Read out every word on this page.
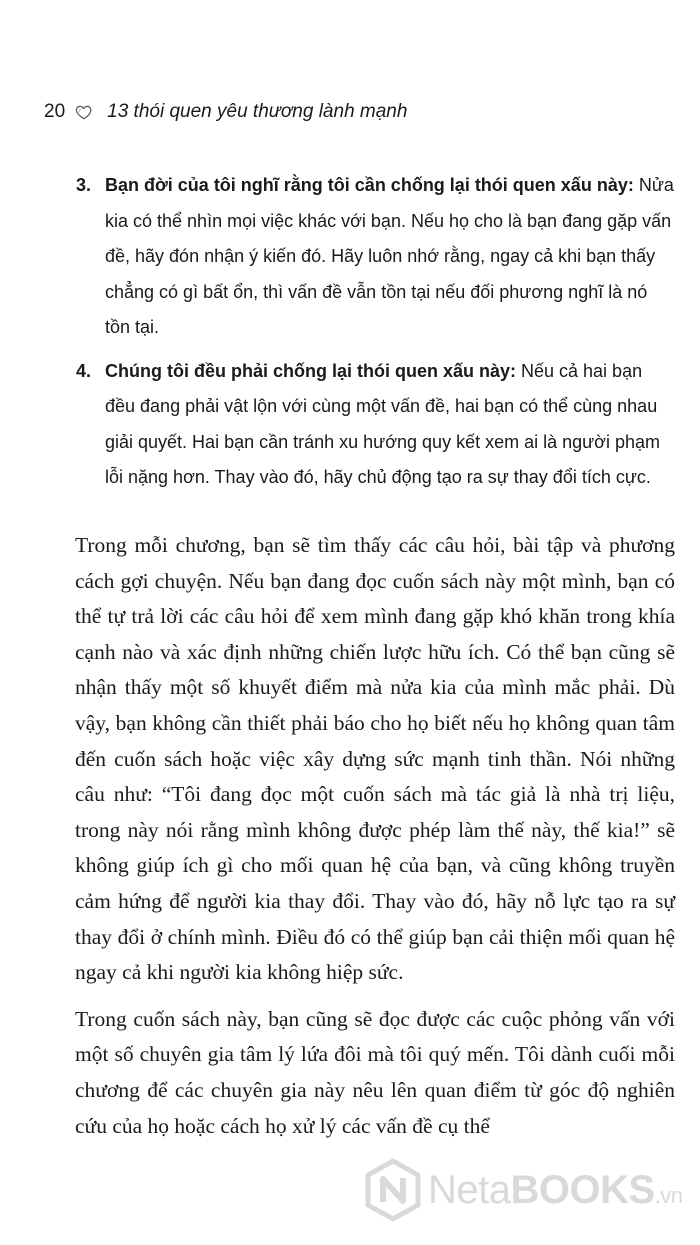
20 13 thói quen yêu thương lành mạnh
3. Bạn đời của tôi nghĩ rằng tôi cần chống lại thói quen xấu này: Nửa kia có thể nhìn mọi việc khác với bạn. Nếu họ cho là bạn đang gặp vấn đề, hãy đón nhận ý kiến đó. Hãy luôn nhớ rằng, ngay cả khi bạn thấy chẳng có gì bất ổn, thì vấn đề vẫn tồn tại nếu đối phương nghĩ là nó tồn tại.
4. Chúng tôi đều phải chống lại thói quen xấu này: Nếu cả hai bạn đều đang phải vật lộn với cùng một vấn đề, hai bạn có thể cùng nhau giải quyết. Hai bạn cần tránh xu hướng quy kết xem ai là người phạm lỗi nặng hơn. Thay vào đó, hãy chủ động tạo ra sự thay đổi tích cực.

Trong mỗi chương, bạn sẽ tìm thấy các câu hỏi, bài tập và phương cách gợi chuyện. Nếu bạn đang đọc cuốn sách này một mình, bạn có thể tự trả lời các câu hỏi để xem mình đang gặp khó khăn trong khía cạnh nào và xác định những chiến lược hữu ích. Có thể bạn cũng sẽ nhận thấy một số khuyết điểm mà nửa kia của mình mắc phải. Dù vậy, bạn không cần thiết phải báo cho họ biết nếu họ không quan tâm đến cuốn sách hoặc việc xây dựng sức mạnh tinh thần. Nói những câu như: “Tôi đang đọc một cuốn sách mà tác giả là nhà trị liệu, trong này nói rằng mình không được phép làm thế này, thế kia!” sẽ không giúp ích gì cho mối quan hệ của bạn, và cũng không truyền cảm hứng để người kia thay đổi. Thay vào đó, hãy nỗ lực tạo ra sự thay đổi ở chính mình. Điều đó có thể giúp bạn cải thiện mối quan hệ ngay cả khi người kia không hiệp sức.

Trong cuốn sách này, bạn cũng sẽ đọc được các cuộc phỏng vấn với một số chuyên gia tâm lý lứa đôi mà tôi quý mến. Tôi dành cuối mỗi chương để các chuyên gia này nêu lên quan điểm từ góc độ nghiên cứu của họ hoặc cách họ xử lý các vấn đề cụ thể

NetaBOOKS.vn
